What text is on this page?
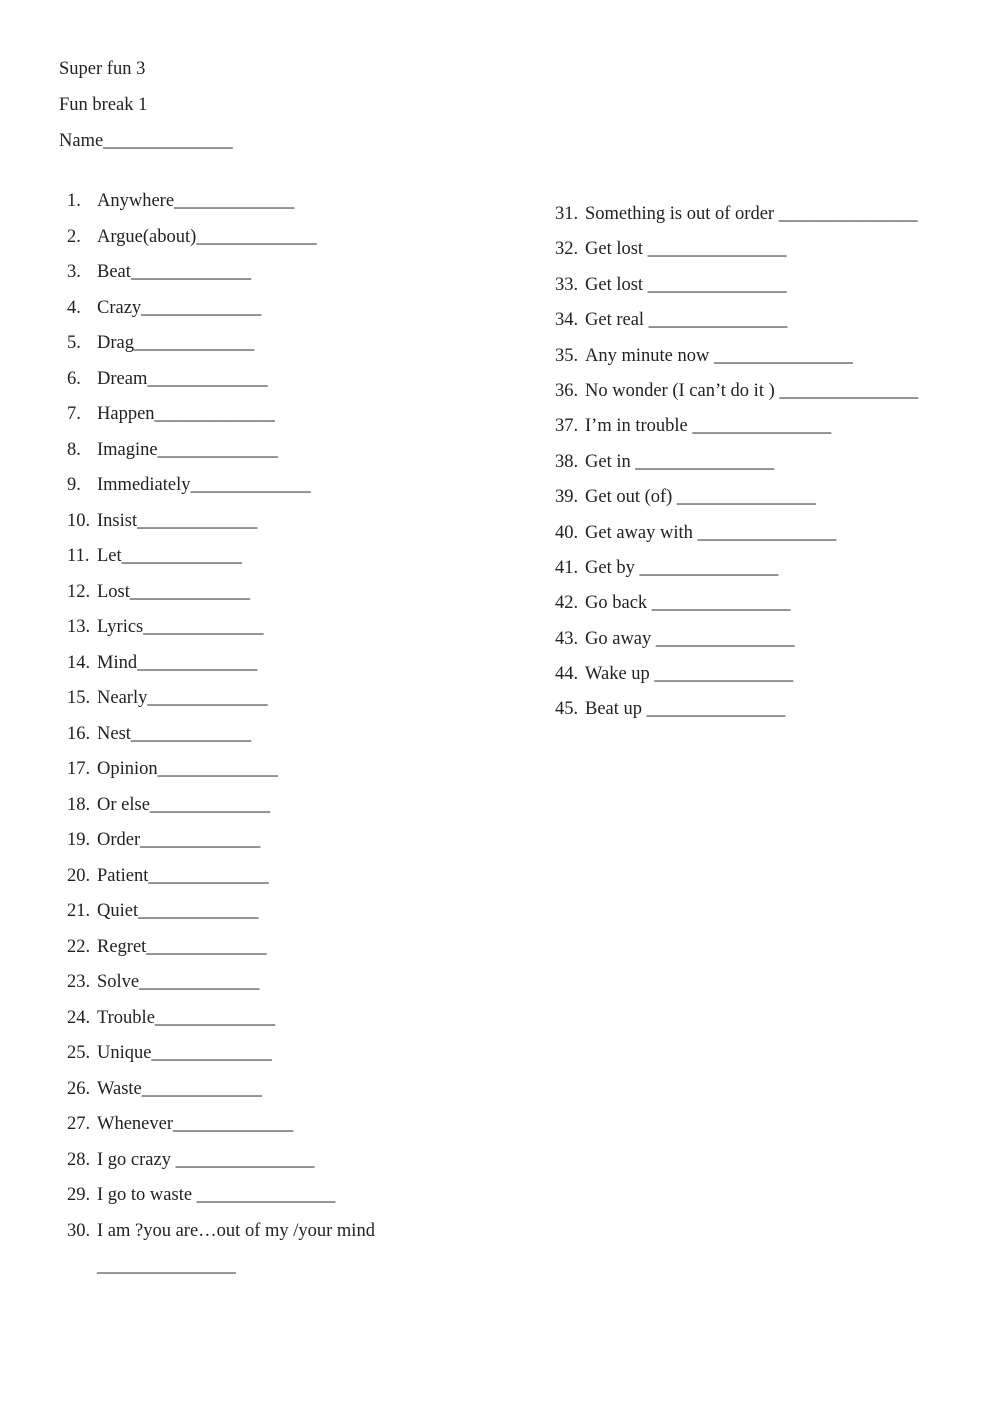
Super fun 3
Fun break 1
Name______________
1. Anywhere_____________
2. Argue(about)_____________
3. Beat_____________
4. Crazy_____________
5. Drag_____________
6. Dream_____________
7. Happen_____________
8. Imagine_____________
9. Immediately_____________
10. Insist_____________
11. Let_____________
12. Lost_____________
13. Lyrics_____________
14. Mind_____________
15. Nearly_____________
16. Nest_____________
17. Opinion_____________
18. Or else_____________
19. Order_____________
20. Patient_____________
21. Quiet_____________
22. Regret_____________
23. Solve_____________
24. Trouble_____________
25. Unique_____________
26. Waste_____________
27. Whenever_____________
28. I go crazy _______________
29. I go to waste _______________
30. I am ?you are…out of my /your mind
_______________
31. Something is out of order _______________
32. Get lost _______________
33. Get lost _______________
34. Get real _______________
35. Any minute now _______________
36. No wonder (I can’t do it ) _______________
37. I’m in trouble _______________
38. Get in _______________
39. Get out (of) _______________
40. Get away with _______________
41. Get by _______________
42. Go back _______________
43. Go away _______________
44. Wake up _______________
45. Beat up _______________
